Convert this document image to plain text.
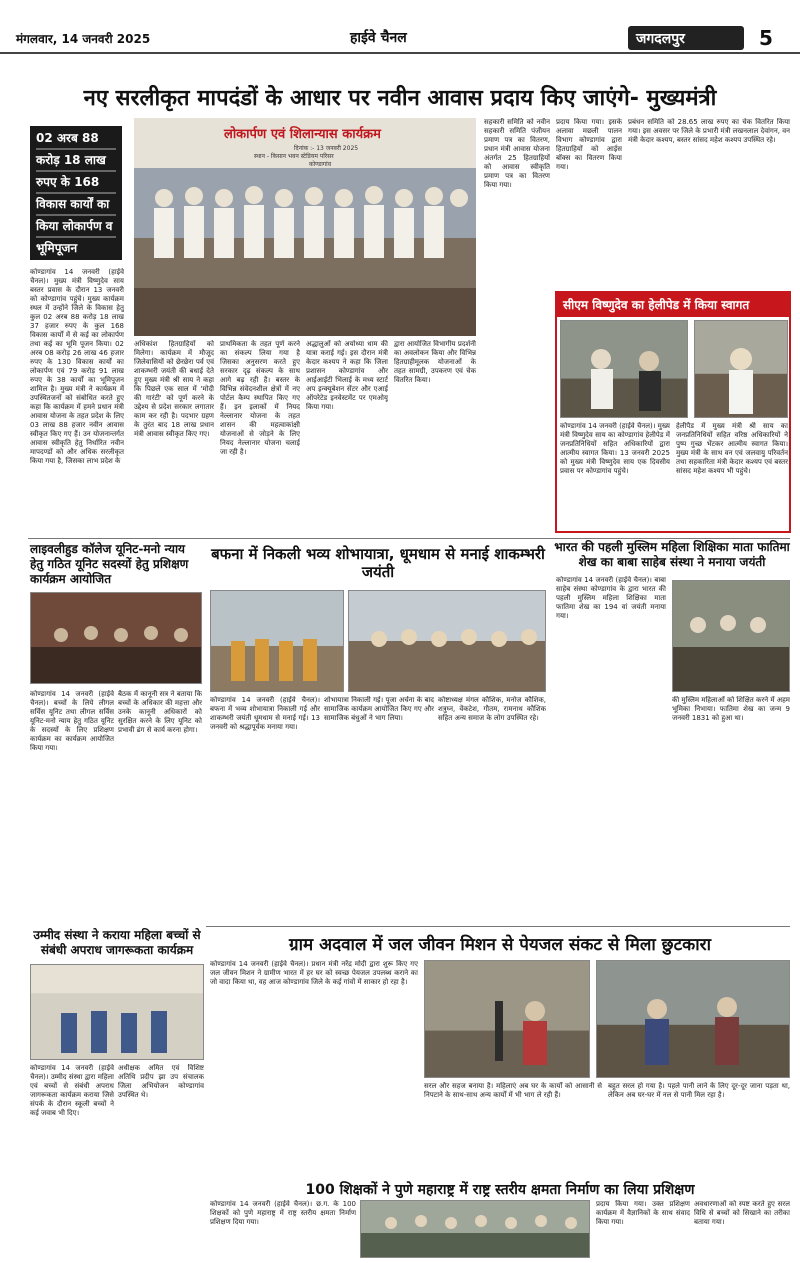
मंगलवार, 14 जनवरी 2025	हाईवे चैनल	जगदलपुर	5
नए सरलीकृत मापदंडों के आधार पर नवीन आवास प्रदाय किए जाएंगे- मुख्यमंत्री
02 अरब 88
करोड़ 18 लाख
रुपए के 168
विकास कार्यों का
किया लोकार्पण व
भूमिपूजन
लोकार्पण एवं शिलान्यास कार्यक्रम
दिनांक :- 13 जनवरी 2025
स्थान - किसान भवन स्टेडियम परिसर
कोण्डागांव
कोण्डागांव 14 जनवरी (हाईवे चैनल)। मुख्य मंत्री विष्णुदेव साय बस्तर प्रवास के दौरान 13 जनवरी को कोण्डागांव पहुंचे। मुख्य कार्यक्रम स्थल में उन्होंने जिले के विकास हेतु कुल 02 अरब 88 करोड़ 18 लाख 37 हजार रुपए के कुल 168 विकास कार्यों में से कई का लोकार्पण तथा कई का भूमि पूजन किया। 02 अरब 08 करोड़ 26 लाख 46 हजार रुपए के 130 विकास कार्यों का लोकार्पण एवं 79 करोड़ 91 लाख रुपए के 38 कार्यों का भूमिपूजन शामिल है। मुख्य मंत्री ने कार्यक्रम में उपस्थितजनों को संबोधित करते हुए कहा कि कार्यक्रम में हमने प्रधान मंत्री आवास योजना के तहत प्रदेश के लिए 03 लाख 88 हजार नवीन आवास स्वीकृत किए गए हैं। उन योजनान्तर्गत आवास स्वीकृति हेतु निर्धारित नवीन मापदण्डों को और अधिक सरलीकृत किया गया है, जिसका लाभ प्रदेश के
अधिकांश हितग्राहियों को मिलेगा। कार्यक्रम में मौजूद जिलेवासियों को छेरछेरा पर्व एवं शाकम्भरी जयंती की बधाई देते हुए मुख्य मंत्री श्री साय ने कहा कि पिछले एक साल में 'मोदी की गारंटी' को पूर्ण करने के उद्देश्य से प्रदेश सरकार लगातार काम कर रही है। पदभार ग्रहण के तुरंत बाद 18 लाख प्रधान मंत्री आवास स्वीकृत किए गए।
प्राथमिकता के तहत पूर्ण करने का संकल्प लिया गया है जिसका अनुसरण करते हुए सरकार दृढ़ संकल्प के साथ आगे बढ़ रही है। बस्तर के विभिन्न संवेदनशील क्षेत्रों में नए पोर्टल कैम्प स्थापित किए गए हैं। इन इलाकों में नियद नेल्लानार योजना के तहत शासन की महत्वाकांक्षी योजनाओं से जोड़ने के लिए नियद नेल्लानार योजना चलाई जा रही है।
अद्धालुओं को अयोध्या धाम की यात्रा कराई गई। इस दौरान मंत्री केदार कश्यप ने कहा कि जिला प्रशासन कोण्डागांव और आईआईटी भिलाई के मध्य स्टार्ट अप इन्क्यूबेशन सेंटर और एआई ऑपरेटेड इनवेस्टमेंट पर एमओयू किया गया।
द्वारा आयोजित विभागीय प्रदर्शनी का अवलोकन किया और विभिन्न हितग्राहीमूलक योजनाओं के तहत सामग्री, उपकरण एवं चेक वितरित किया।
सहकारी समिति को नवीन सहकारी समिति पंजीयन प्रमाण पत्र का वितरण, प्रधान मंत्री आवास योजना अंतर्गत 25 हितग्राहियों को आवास स्वीकृति प्रमाण पत्र का वितरण किया गया।
प्रदाय किया गया। इसके अलावा मछली पालन विभाग कोण्डागांव द्वारा हितग्राहियों को आईस बॉक्स का वितरण किया गया।
प्रबंधन समिति को 28.65 लाख रुपए का चेक वितरित किया गया। इस अवसर पर जिले के प्रभारी मंत्री लखनलाल देवांगन, वन मंत्री केदार कश्यप, बस्तर सांसद महेश कश्यप उपस्थित रहे।
सीएम विष्णुदेव का हेलीपेड में किया स्वागत
कोण्डागांव 14 जनवरी (हाईवे चैनल)। मुख्य मंत्री विष्णुदेव साय का कोण्डागांव हेलीपेड में जनप्रतिनिधियों सहित अधिकारियों द्वारा आत्मीय स्वागत किया। 13 जनवरी 2025 को मुख्य मंत्री विष्णुदेव साय एक दिवसीय प्रवास पर कोण्डागांव पहुंचे।
हेलीपैड में मुख्य मंत्री श्री साय का जनप्रतिनिधियों सहित वरिष्ठ अधिकारियों ने पुष्प गुच्छ भेंटकर आत्मीय स्वागत किया। मुख्य मंत्री के साथ वन एवं जलवायु परिवर्तन तथा सहकारिता मंत्री केदार कश्यप एवं बस्तर सांसद महेश कश्यप भी पहुंचे।
लाइवलीहुड कॉलेज यूनिट-मनो न्याय हेतु गठित यूनिट सदस्यों हेतु प्रशिक्षण कार्यक्रम आयोजित
कोण्डागांव 14 जनवरी (हाईवे चैनल)। बच्चों के लिये लीगल सर्विस यूनिट तथा लीगल सर्विस यूनिट-मनो न्याय हेतु गठित यूनिट के सदस्यों के लिए प्रशिक्षण कार्यक्रम का कार्यक्रम आयोजित किया गया।
बैठक में कानूनी सत्र ने बताया कि बच्चों के अधिकार की महत्ता और उनके कानूनी अधिकारों को सुरक्षित करने के लिए यूनिट को प्रभावी ढंग से कार्य करना होगा।
बफना में निकली भव्य शोभायात्रा, धूमधाम से मनाई शाकम्भरी जयंती
कोण्डागांव 14 जनवरी (हाईवे चैनल)। बफना में भव्य शोभायात्रा निकाली गई और शाकम्भरी जयंती धूमधाम से मनाई गई। 13 जनवरी को श्रद्धापूर्वक मनाया गया।
शोभायात्रा निकाली गई। पूजा अर्चना के बाद सामाजिक कार्यक्रम आयोजित किए गए और सामाजिक बंधुओं ने भाग लिया।
कोष्टाध्यक्ष मंगल कौशिक, मनोज कौशिक, शत्रुघ्न, वेंकटेश, गौतम, रामनाथ कौशिक सहित अन्य समाज के लोग उपस्थित रहे।
भारत की पहली मुस्लिम महिला शिक्षिका माता फातिमा शेख का बाबा साहेब संस्था ने मनाया जयंती
कोण्डागांव 14 जनवरी (हाईवे चैनल)। बाबा साहेब संस्था कोण्डागांव के द्वारा भारत की पहली मुस्लिम महिला शिक्षिका माता फातिमा शेख का 194 वां जयंती मनाया गया।
की मुस्लिम महिलाओं को शिक्षित करने में अहम भूमिका निभाया। फातिमा शेख का जन्म 9 जनवरी 1831 को हुआ था।
ग्राम अदवाल में जल जीवन मिशन से पेयजल संकट से मिला छुटकारा
कोण्डागांव 14 जनवरी (हाईवे चैनल)। प्रधान मंत्री नरेंद्र मोदी द्वारा शुरू किए गए जल जीवन मिशन ने ग्रामीण भारत में हर घर को स्वच्छ पेयजल उपलब्ध कराने का जो वादा किया था, वह आज कोण्डागांव जिले के कई गांवों में साकार हो रहा है।
सरल और सहज बनाया है। महिलाएं अब घर के कार्यों को आसानी से निपटाने के साथ-साथ अन्य कार्यों में भी भाग ले रही हैं।
बहुत सरल हो गया है। पहले पानी लाने के लिए दूर-दूर जाना पड़ता था, लेकिन अब घर-घर में नल से पानी मिल रहा है।
उम्मीद संस्था ने कराया महिला बच्चों से संबंधी अपराध जागरूकता कार्यक्रम
कोण्डागांव 14 जनवरी (हाईवे चैनल)। उम्मीद संस्था द्वारा महिला एवं बच्चों से संबंधी अपराध जागरूकता कार्यक्रम कराया जिसे संपर्क के दौरान स्कूली बच्चों ने कई जवाब भी दिए।
अधीक्षक अमित एवं विशिष्ट अतिथि प्रदीप झा उप संचालक जिला अभियोजन कोण्डागांव उपस्थित थे।
100 शिक्षकों ने पुणे महाराष्ट्र में राष्ट्र स्तरीय क्षमता निर्माण का लिया प्रशिक्षण
कोण्डागांव 14 जनवरी (हाईवे चैनल)। छ.ग. के 100 शिक्षकों को पुणे महाराष्ट्र में राष्ट्र स्तरीय क्षमता निर्माण प्रशिक्षण दिया गया।
प्रदाय किया गया। उक्त प्रशिक्षण कार्यक्रम में वैज्ञानिकों के साथ संवाद किया गया।
अवधारणाओं को स्पष्ट करते हुए सरल विधि से बच्चों को सिखाने का तरीका बताया गया।
